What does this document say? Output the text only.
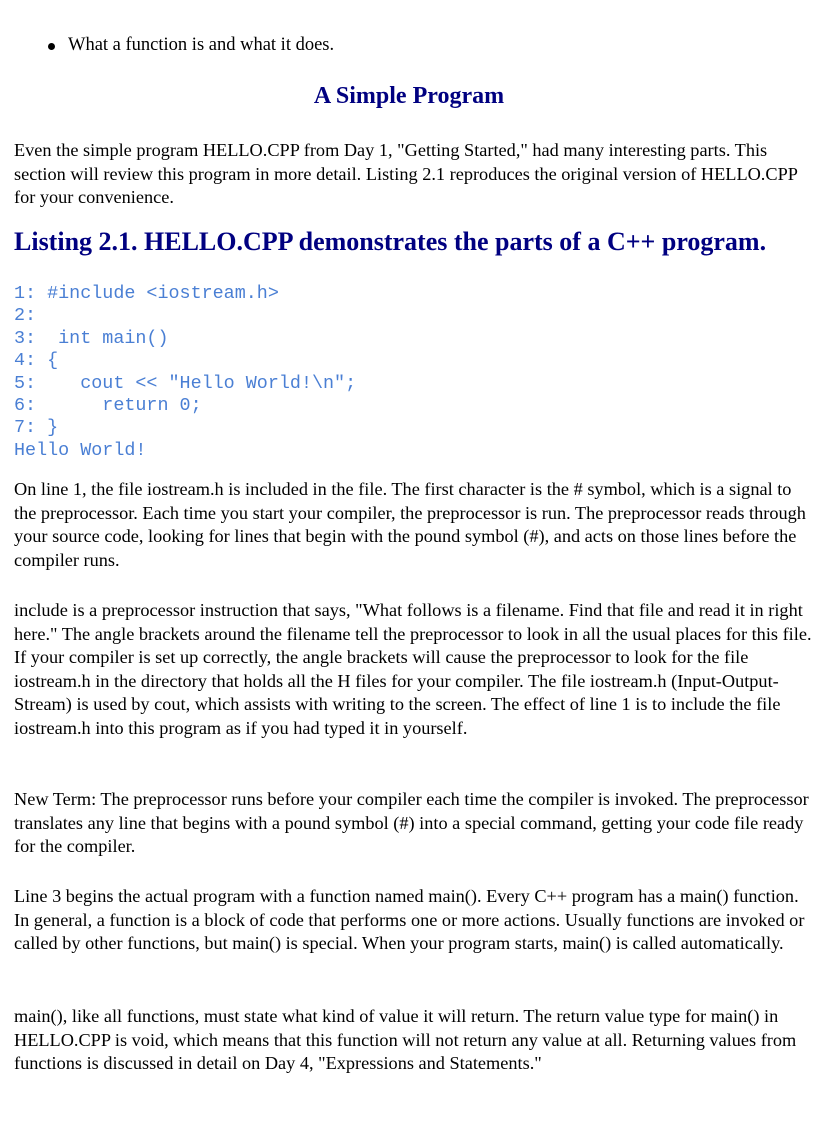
What a function is and what it does.
A Simple Program

Even the simple program HELLO.CPP from Day 1, "Getting Started," had many interesting parts. This section will review this program in more detail. Listing 2.1 reproduces the original version of HELLO.CPP for your convenience.

Listing 2.1. HELLO.CPP demonstrates the parts of a C++ program.
1: #include <iostream.h>
2:
3:  int main()
4: {
5:    cout << "Hello World!\n";
6:      return 0;
7: }
Hello World!

On line 1, the file iostream.h is included in the file. The first character is the # symbol, which is a signal to the preprocessor. Each time you start your compiler, the preprocessor is run. The preprocessor reads through your source code, looking for lines that begin with the pound symbol (#), and acts on those lines before the compiler runs.

include is a preprocessor instruction that says, "What follows is a filename. Find that file and read it in right here." The angle brackets around the filename tell the preprocessor to look in all the usual places for this file. If your compiler is set up correctly, the angle brackets will cause the preprocessor to look for the file iostream.h in the directory that holds all the H files for your compiler. The file iostream.h (Input-Output-Stream) is used by cout, which assists with writing to the screen. The effect of line 1 is to include the file iostream.h into this program as if you had typed it in yourself.

New Term: The preprocessor runs before your compiler each time the compiler is invoked. The preprocessor translates any line that begins with a pound symbol (#) into a special command, getting your code file ready for the compiler.

Line 3 begins the actual program with a function named main(). Every C++ program has a main() function. In general, a function is a block of code that performs one or more actions. Usually functions are invoked or called by other functions, but main() is special. When your program starts, main() is called automatically.

main(), like all functions, must state what kind of value it will return. The return value type for main() in HELLO.CPP is void, which means that this function will not return any value at all. Returning values from functions is discussed in detail on Day 4, "Expressions and Statements."
